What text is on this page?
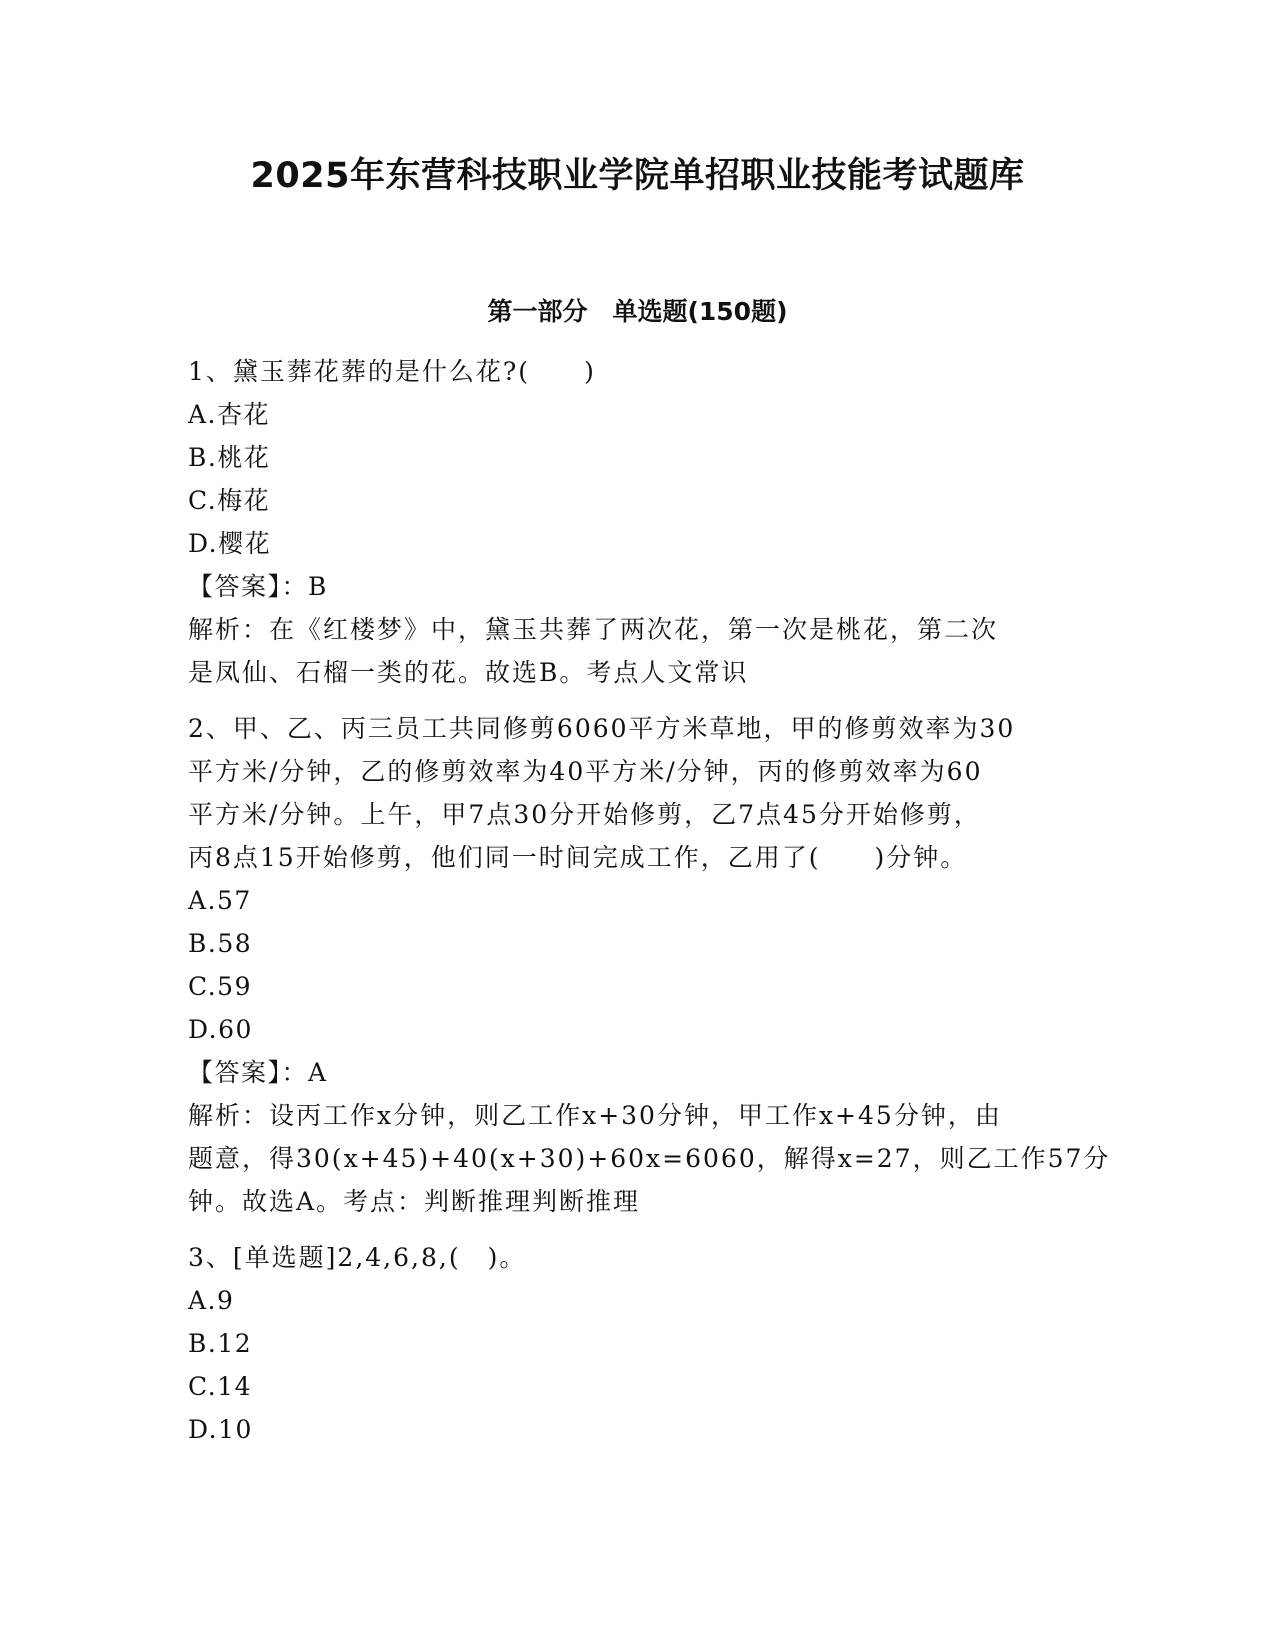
2025年东营科技职业学院单招职业技能考试题库
第一部分　单选题(150题)

1、黛玉葬花葬的是什么花?(　　)

A.杏花

B.桃花

C.梅花

D.樱花

【答案】：B

解析：在《红楼梦》中，黛玉共葬了两次花，第一次是桃花，第二次

是凤仙、石榴一类的花。故选B。考点人文常识

2、甲、乙、丙三员工共同修剪6060平方米草地，甲的修剪效率为30

平方米/分钟，乙的修剪效率为40平方米/分钟，丙的修剪效率为60

平方米/分钟。上午，甲7点30分开始修剪，乙7点45分开始修剪，

丙8点15开始修剪，他们同一时间完成工作，乙用了(　　)分钟。

A.57

B.58

C.59

D.60

【答案】：A

解析：设丙工作x分钟，则乙工作x+30分钟，甲工作x+45分钟，由

题意，得30(x+45)+40(x+30)+60x=6060，解得x=27，则乙工作57分

钟。故选A。考点：判断推理判断推理

3、[单选题]2,4,6,8,(　)。

A.9

B.12

C.14

D.10
